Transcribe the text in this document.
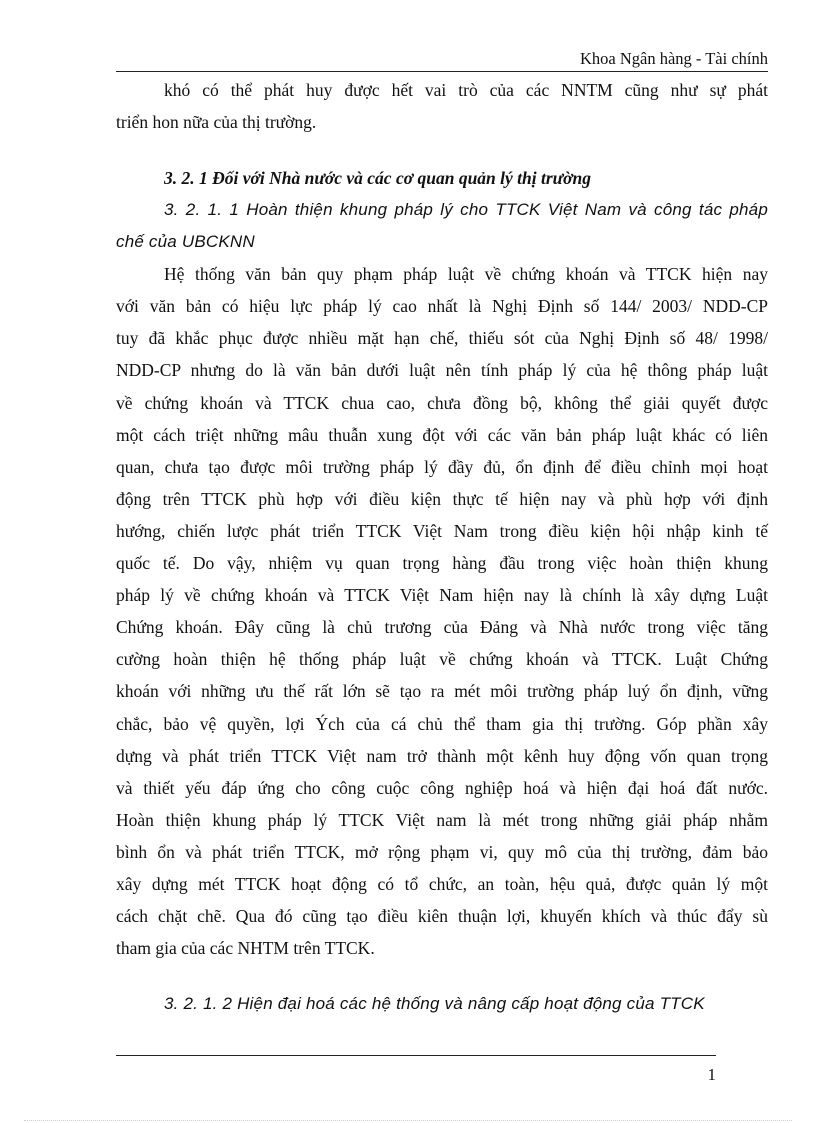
Khoa Ngân hàng - Tài chính

khó có thể phát huy được hết vai trò của các NNTM cũng như sự phát
triển hon nữa của thị trường.

3. 2. 1 Đối với Nhà nước và các cơ quan quản lý thị trường

3. 2. 1. 1 Hoàn thiện khung pháp lý cho TTCK Việt Nam và công tác pháp
chế của UBCKNN

Hệ thống văn bản quy phạm pháp luật về chứng khoán và TTCK hiện nay
với văn bản có hiệu lực pháp lý cao nhất là Nghị Định số 144/ 2003/ NDD-CP
tuy đã khắc phục được nhiều mặt hạn chế, thiếu sót của Nghị Định số 48/ 1998/
NDD-CP nhưng do là văn bản dưới luật nên tính pháp lý của hệ thông pháp luật
về chứng khoán và TTCK chua cao, chưa đồng bộ, không thể giải quyết được
một cách triệt những mâu thuẫn xung đột với các văn bản pháp luật khác có liên
quan, chưa tạo được môi trường pháp lý đầy đủ, ổn định để điều chỉnh mọi hoạt
động trên TTCK phù hợp với điều kiện thực tế hiện nay và phù hợp với định
hướng, chiến lược phát triển TTCK Việt Nam trong điều kiện hội nhập kinh tế
quốc tế. Do vậy, nhiệm vụ quan trọng hàng đầu trong việc hoàn thiện khung
pháp lý về chứng khoán và TTCK Việt Nam hiện nay là chính là xây dựng Luật
Chứng khoán. Đây cũng là chủ trương của Đảng và Nhà nước trong việc tăng
cường hoàn thiện hệ thống pháp luật về chứng khoán và TTCK. Luật Chứng
khoán với những ưu thế rất lớn sẽ tạo ra mét môi trường pháp luý ổn định, vững
chắc, bảo vệ quyền, lợi Ých của cá chủ thể tham gia thị trường. Góp phần xây
dựng và phát triển TTCK Việt nam trở thành một kênh huy động vốn quan trọng
và thiết yếu đáp ứng cho công cuộc công nghiệp hoá và hiện đại hoá đất nước.
Hoàn thiện khung pháp lý TTCK Việt nam là mét trong những giải pháp nhằm
bình ổn và phát triển TTCK, mở rộng phạm vi, quy mô của thị trường, đảm bảo
xây dựng mét TTCK hoạt động có tổ chức, an toàn, hệu quả, được quản lý một
cách chặt chẽ. Qua đó cũng tạo điều kiên thuận lợi, khuyến khích và thúc đẩy sù
tham gia của các NHTM trên TTCK.

3. 2. 1. 2 Hiện đại hoá các hệ thống và nâng cấp hoạt động của TTCK

1
